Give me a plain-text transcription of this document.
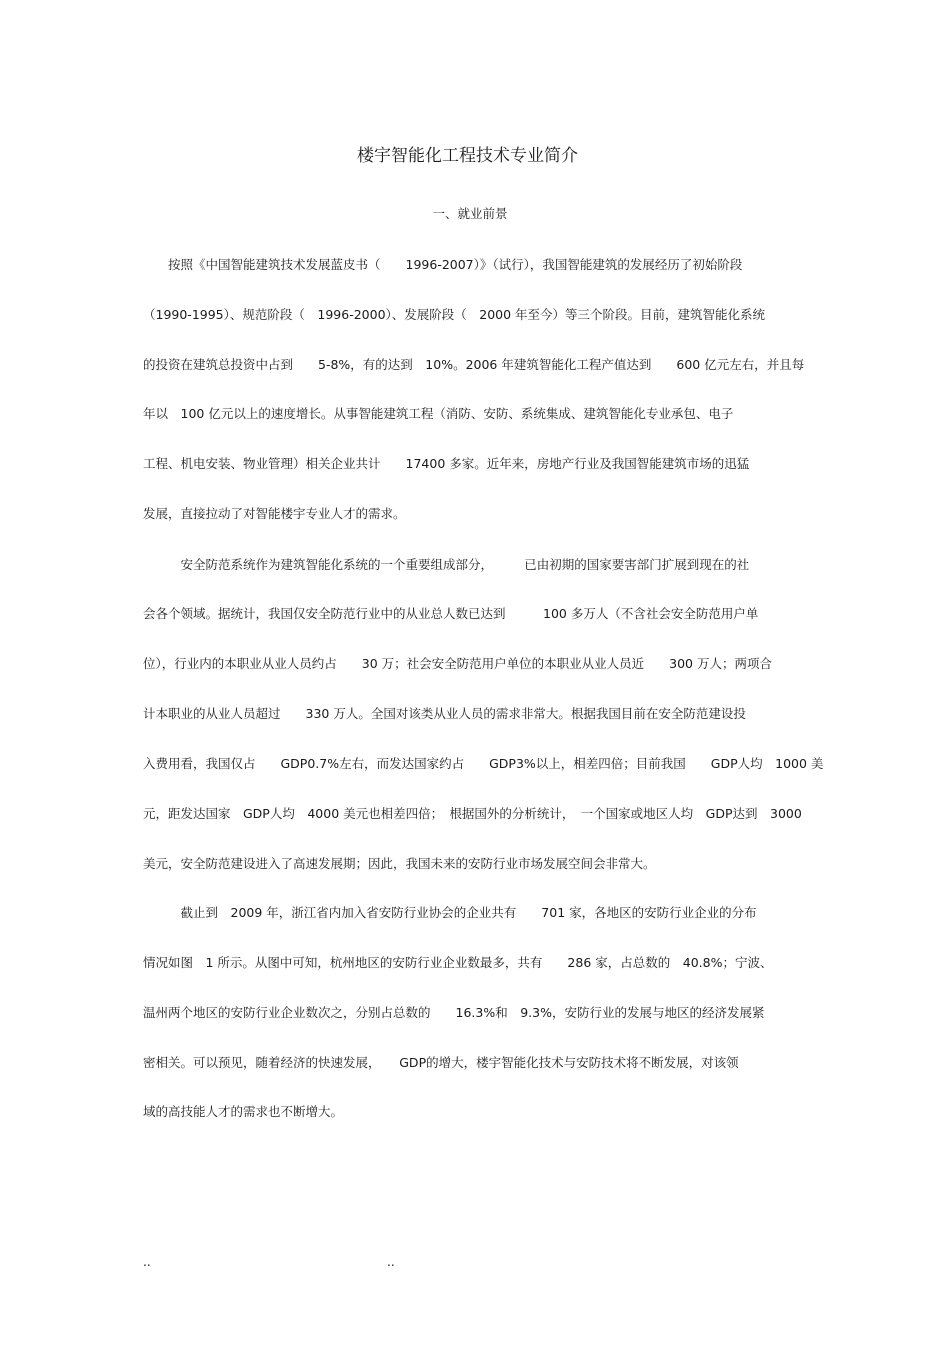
楼宇智能化工程技术专业简介
一、就业前景

　　按照《中国智能建筑技术发展蓝皮书（　　1996-2007）》（试行），我国智能建筑的发展经历了初始阶段

（1990-1995）、规范阶段（　1996-2000）、发展阶段（　2000 年至今）等三个阶段。目前，建筑智能化系统

的投资在建筑总投资中占到　　5-8%，有的达到　10%。2006 年建筑智能化工程产值达到　　600 亿元左右，并且每

年以　100 亿元以上的速度增长。从事智能建筑工程（消防、安防、系统集成、建筑智能化专业承包、电子

工程、机电安装、物业管理）相关企业共计　　17400 多家。近年来，房地产行业及我国智能建筑市场的迅猛

发展，直接拉动了对智能楼宇专业人才的需求。

　　　安全防范系统作为建筑智能化系统的一个重要组成部分，　　　已由初期的国家要害部门扩展到现在的社

会各个领域。据统计，我国仅安全防范行业中的从业总人数已达到　　　100 多万人（不含社会安全防范用户单

位），行业内的本职业从业人员约占　　30 万；社会安全防范用户单位的本职业从业人员近　　300 万人；两项合

计本职业的从业人员超过　　330 万人。全国对该类从业人员的需求非常大。根据我国目前在安全防范建设投

入费用看，我国仅占　　GDP0.7%左右，而发达国家约占　　GDP3%以上，相差四倍；目前我国　　GDP人均　1000 美

元，距发达国家　GDP人均　4000 美元也相差四倍；　根据国外的分析统计，　一个国家或地区人均　GDP达到　3000

美元，安全防范建设进入了高速发展期；因此，我国未来的安防行业市场发展空间会非常大。

　　　截止到　2009 年，浙江省内加入省安防行业协会的企业共有　　701 家，各地区的安防行业企业的分布

情况如图　1 所示。从图中可知，杭州地区的安防行业企业数最多，共有　　286 家，占总数的　40.8%；宁波、

温州两个地区的安防行业企业数次之，分别占总数的　　16.3%和　9.3%，安防行业的发展与地区的经济发展紧

密相关。可以预见，随着经济的快速发展，　　GDP的增大，楼宇智能化技术与安防技术将不断发展，对该领

域的高技能人才的需求也不断增大。

..	..
